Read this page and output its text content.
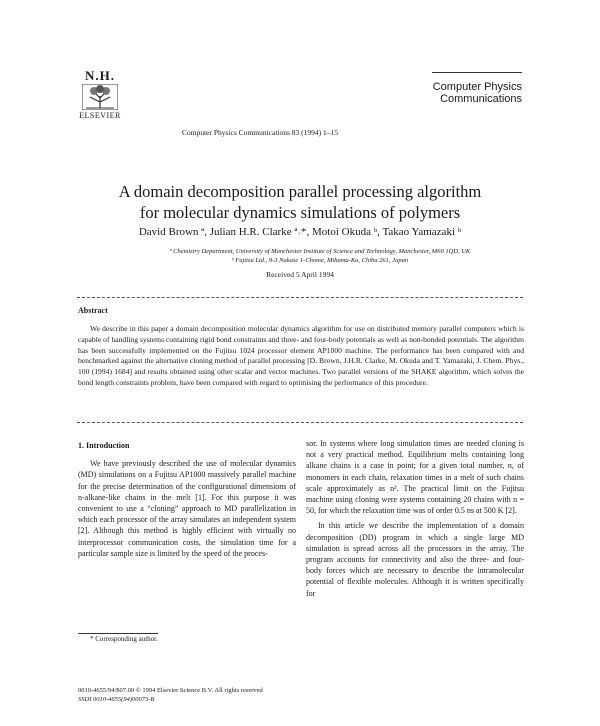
N.H.
ELSEVIER
Computer Physics Communications 83 (1994) 1–15
Computer Physics
Communications
A domain decomposition parallel processing algorithm
for molecular dynamics simulations of polymers
David Brown ª, Julian H.R. Clarke ª˒*, Motoi Okuda ᵇ, Takao Yamazaki ᵇ
ª Chemistry Department, University of Manchester Institute of Science and Technology, Manchester, M60 1QD, UK
ᵇ Fujitsu Ltd., 9-3 Nakase 1-Chome, Mihama-Ku, Chiba 261, Japan
Received 5 April 1994
Abstract
We describe in this paper a domain decomposition molecular dynamics algorithm for use on distributed memory parallel computers which is capable of handling systems containing rigid bond constraints and three- and four-body potentials as well as non-bonded potentials. The algorithm has been successfully implemented on the Fujitsu 1024 processor element AP1000 machine. The performance has been compared with and benchmarked against the alternative cloning method of parallel processing [D. Brown, J.H.R. Clarke, M. Okuda and T. Yamazaki, J. Chem. Phys., 100 (1994) 1684] and results obtained using other scalar and vector machines. Two parallel versions of the SHAKE algorithm, which solves the bond length constraints problem, have been compared with regard to optimising the performance of this procedure.
1. Introduction

We have previously described the use of molecular dynamics (MD) simulations on a Fujitsu AP1000 massively parallel machine for the precise determination of the configurational dimensions of n-alkane-like chains in the melt [1]. For this purpose it was convenient to use a “cloning” approach to MD parallelization in which each processor of the array simulates an independent system [2]. Although this method is highly efficient with virtually no interprocessor communication costs, the simulation time for a particular sample size is limited by the speed of the proces-

sor. In systems where long simulation times are needed cloning is not a very practical method. Equilibrium melts containing long alkane chains is a case in point; for a given total number, n, of monomers in each chain, relaxation times in a melt of such chains scale approximately as n². The practical limit on the Fujitsu machine using cloning were systems containing 20 chains with n = 50, for which the relaxation time was of order 0.5 ns at 500 K [2].

In this article we describe the implementation of a domain decomposition (DD) program in which a single large MD simulation is spread across all the processors in the array. The program accounts for connectivity and also the three- and four-body forces which are necessary to describe the intramolecular potential of flexible molecules. Although it is written specifically for

* Corresponding author.
0010-4655/94/$07.00 © 1994 Elsevier Science B.V. All rights reserved
SSDI 0010-4655(94)00073-B
